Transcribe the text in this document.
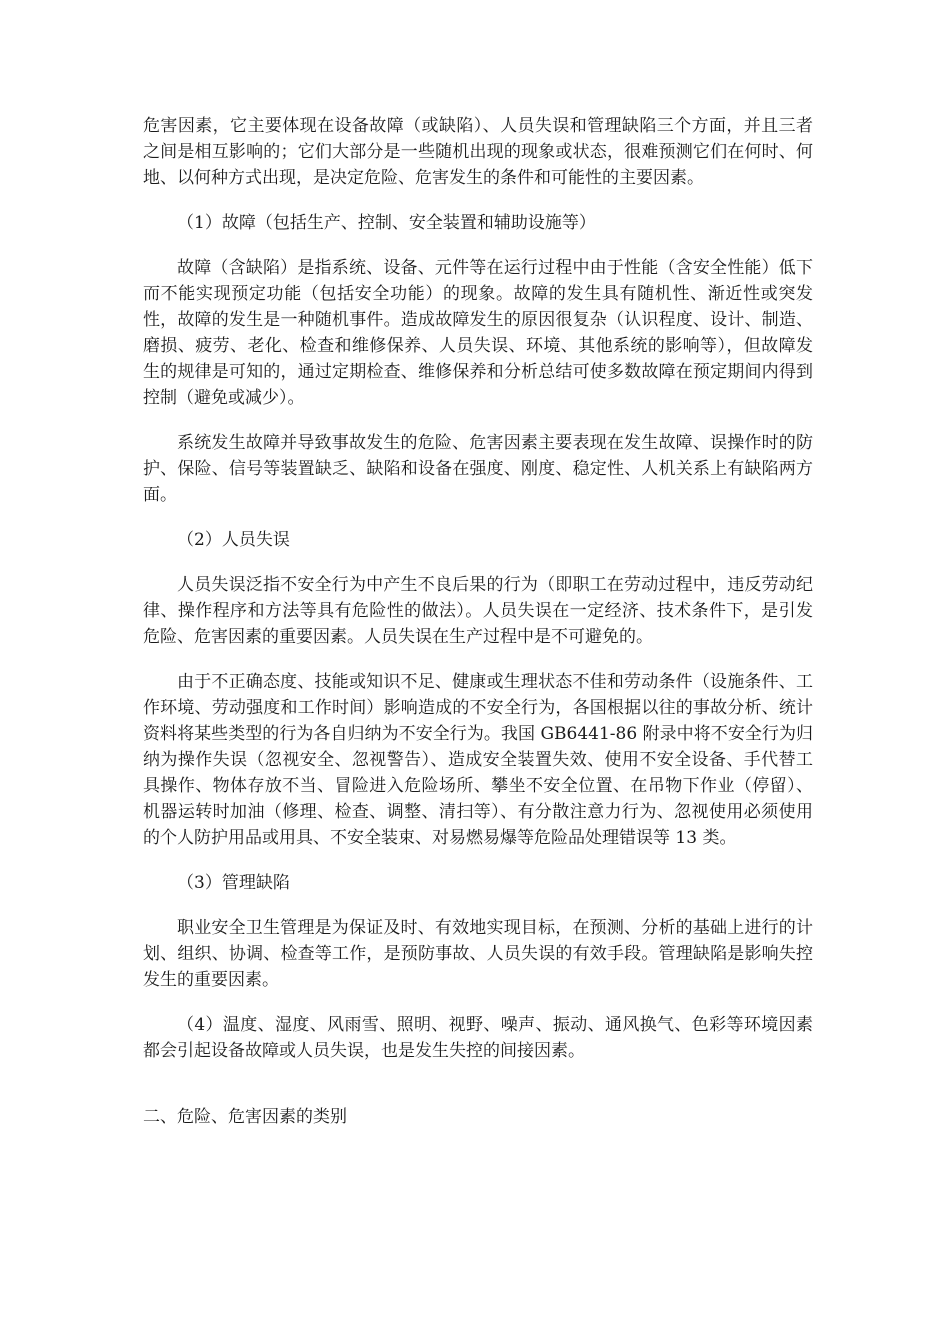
危害因素，它主要体现在设备故障（或缺陷）、人员失误和管理缺陷三个方面，并且三者之间是相互影响的；它们大部分是一些随机出现的现象或状态，很难预测它们在何时、何地、以何种方式出现，是决定危险、危害发生的条件和可能性的主要因素。

（1）故障（包括生产、控制、安全装置和辅助设施等）

故障（含缺陷）是指系统、设备、元件等在运行过程中由于性能（含安全性能）低下而不能实现预定功能（包括安全功能）的现象。故障的发生具有随机性、渐近性或突发性，故障的发生是一种随机事件。造成故障发生的原因很复杂（认识程度、设计、制造、磨损、疲劳、老化、检查和维修保养、人员失误、环境、其他系统的影响等），但故障发生的规律是可知的，通过定期检查、维修保养和分析总结可使多数故障在预定期间内得到控制（避免或减少）。

系统发生故障并导致事故发生的危险、危害因素主要表现在发生故障、误操作时的防护、保险、信号等装置缺乏、缺陷和设备在强度、刚度、稳定性、人机关系上有缺陷两方面。

（2）人员失误

人员失误泛指不安全行为中产生不良后果的行为（即职工在劳动过程中，违反劳动纪律、操作程序和方法等具有危险性的做法）。人员失误在一定经济、技术条件下，是引发危险、危害因素的重要因素。人员失误在生产过程中是不可避免的。

由于不正确态度、技能或知识不足、健康或生理状态不佳和劳动条件（设施条件、工作环境、劳动强度和工作时间）影响造成的不安全行为，各国根据以往的事故分析、统计资料将某些类型的行为各自归纳为不安全行为。我国 GB6441-86 附录中将不安全行为归纳为操作失误（忽视安全、忽视警告）、造成安全装置失效、使用不安全设备、手代替工具操作、物体存放不当、冒险进入危险场所、攀坐不安全位置、在吊物下作业（停留）、机器运转时加油（修理、检查、调整、清扫等）、有分散注意力行为、忽视使用必须使用的个人防护用品或用具、不安全装束、对易燃易爆等危险品处理错误等 13 类。

（3）管理缺陷

职业安全卫生管理是为保证及时、有效地实现目标，在预测、分析的基础上进行的计划、组织、协调、检查等工作，是预防事故、人员失误的有效手段。管理缺陷是影响失控发生的重要因素。

（4）温度、湿度、风雨雪、照明、视野、噪声、振动、通风换气、色彩等环境因素都会引起设备故障或人员失误，也是发生失控的间接因素。

二、危险、危害因素的类别
